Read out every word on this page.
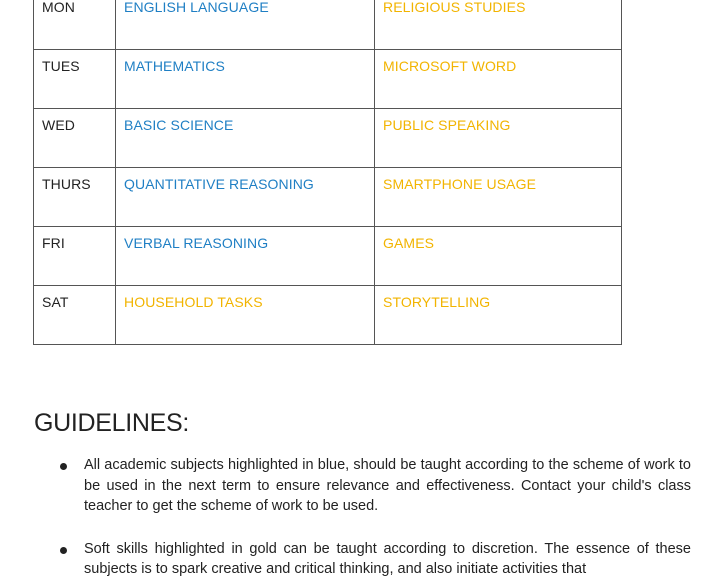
MON	ENGLISH LANGUAGE	RELIGIOUS STUDIES
TUES	MATHEMATICS	MICROSOFT WORD
WED	BASIC SCIENCE	PUBLIC SPEAKING
THURS	QUANTITATIVE REASONING	SMARTPHONE USAGE
FRI	VERBAL REASONING	GAMES
SAT	HOUSEHOLD TASKS	STORYTELLING
GUIDELINES:
All academic subjects highlighted in blue, should be taught according to the scheme of work to be used in the next term to ensure relevance and effectiveness. Contact your child's class teacher to get the scheme of work to be used.
Soft skills highlighted in gold can be taught according to discretion. The essence of these subjects is to spark creative and critical thinking, and also initiate activities that
